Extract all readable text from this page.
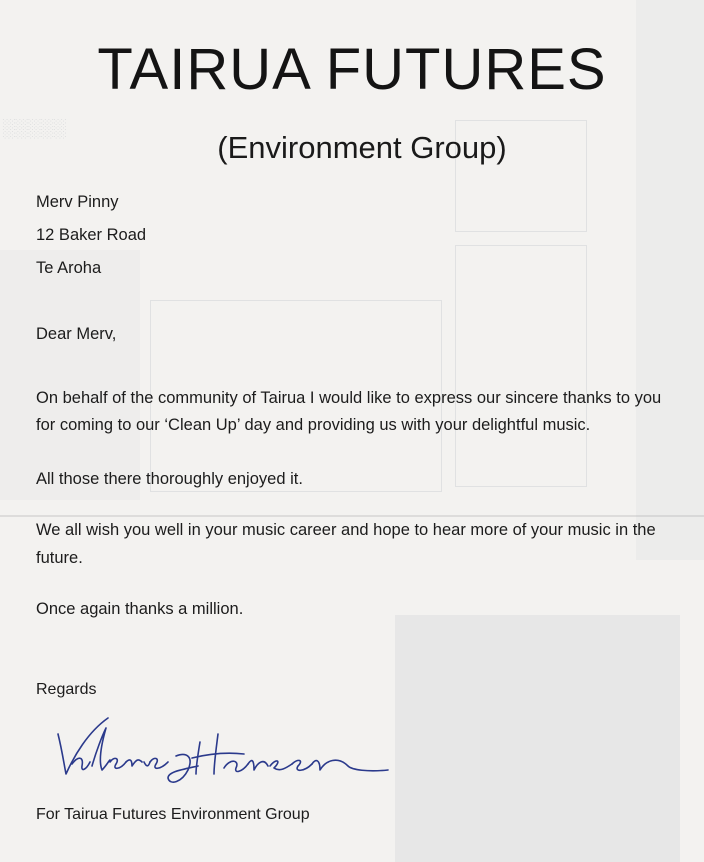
░░░░░
TAIRUA FUTURES
(Environment Group)
Merv Pinny
12 Baker Road
Te Aroha
Dear Merv,
On behalf of the community of Tairua I would like to express our sincere thanks to you
for coming to our ‘Clean Up’ day and providing us with your delightful music.
All those there thoroughly enjoyed it.
We all wish you well in your music career and hope to hear more of your music in the
future.
Once again thanks a million.
Regards
For Tairua Futures Environment Group
